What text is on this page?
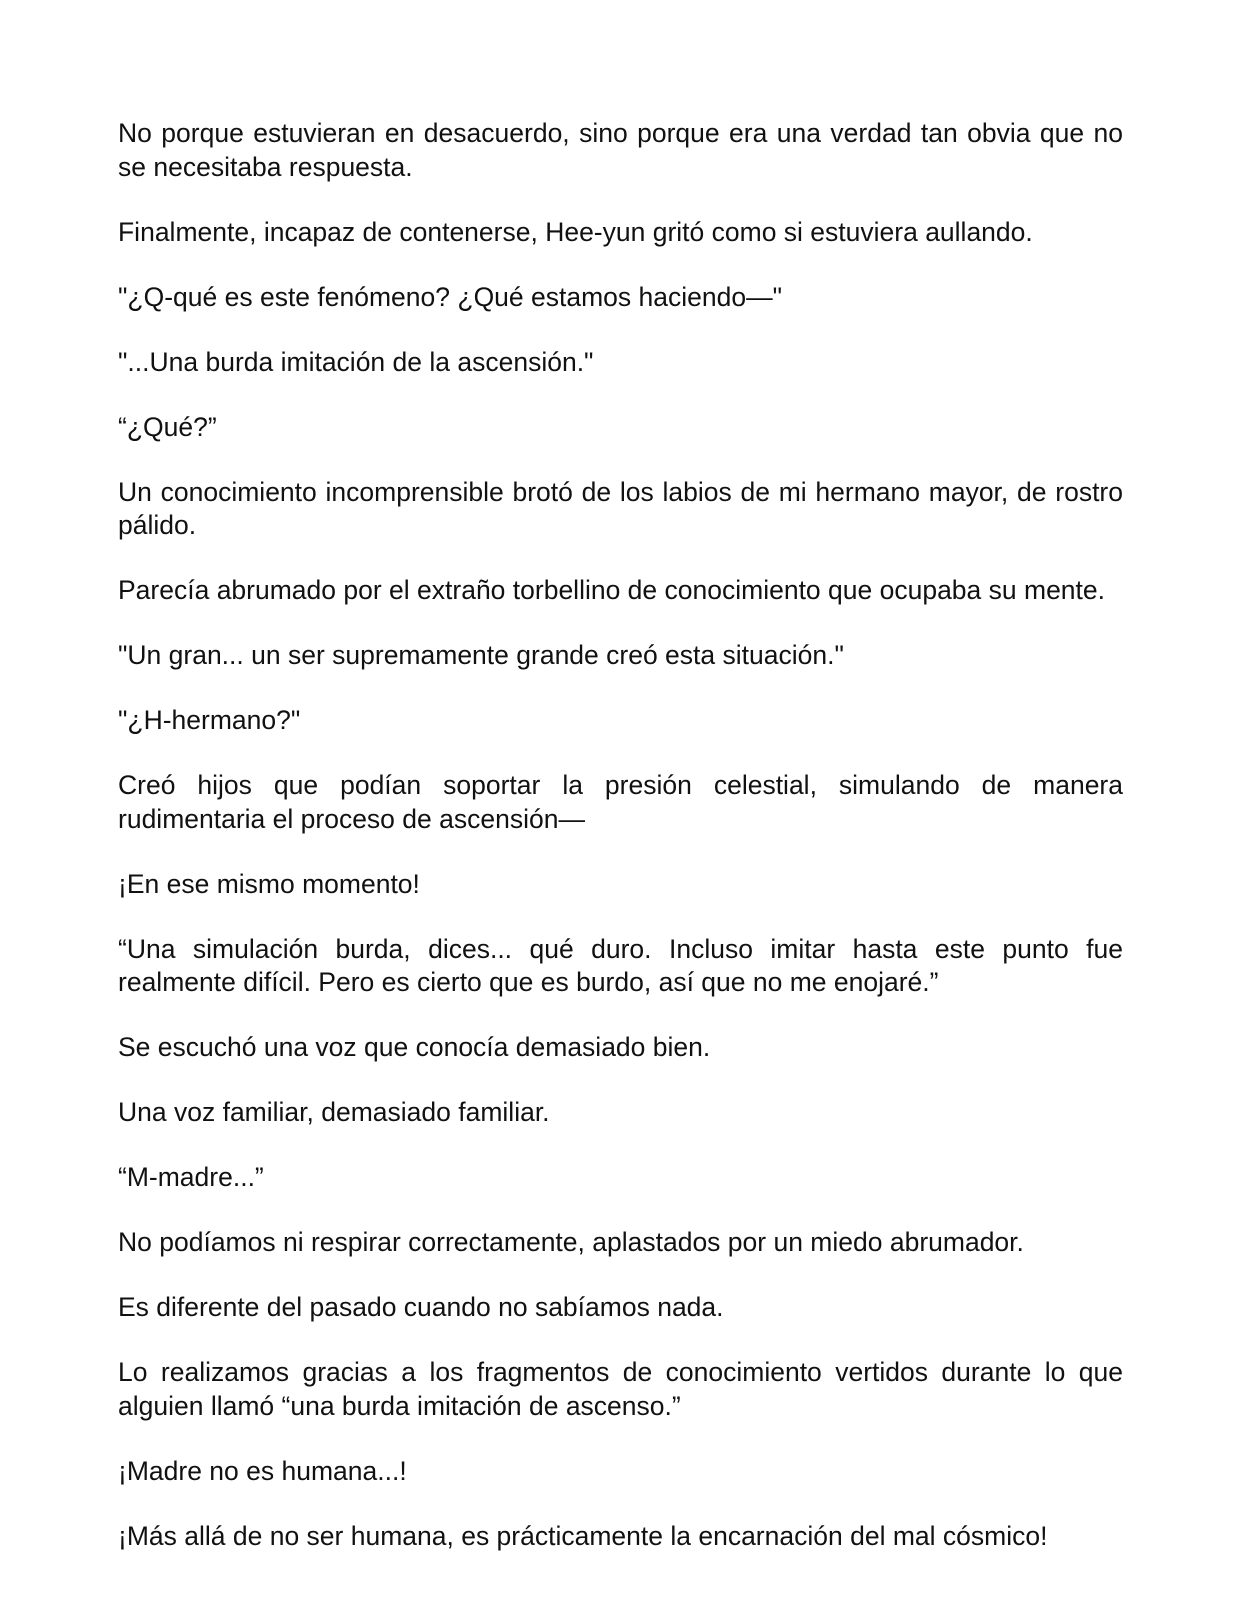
No porque estuvieran en desacuerdo, sino porque era una verdad tan obvia que no se necesitaba respuesta.

Finalmente, incapaz de contenerse, Hee-yun gritó como si estuviera aullando.

"¿Q-qué es este fenómeno? ¿Qué estamos haciendo—"

"...Una burda imitación de la ascensión."

“¿Qué?”

Un conocimiento incomprensible brotó de los labios de mi hermano mayor, de rostro pálido.

Parecía abrumado por el extraño torbellino de conocimiento que ocupaba su mente.

"Un gran... un ser supremamente grande creó esta situación."

"¿H-hermano?"

Creó hijos que podían soportar la presión celestial, simulando de manera rudimentaria el proceso de ascensión—

¡En ese mismo momento!

“Una simulación burda, dices... qué duro. Incluso imitar hasta este punto fue realmente difícil. Pero es cierto que es burdo, así que no me enojaré.”

Se escuchó una voz que conocía demasiado bien.

Una voz familiar, demasiado familiar.

“M-madre...”

No podíamos ni respirar correctamente, aplastados por un miedo abrumador.

Es diferente del pasado cuando no sabíamos nada.

Lo realizamos gracias a los fragmentos de conocimiento vertidos durante lo que alguien llamó “una burda imitación de ascenso.”

¡Madre no es humana...!

¡Más allá de no ser humana, es prácticamente la encarnación del mal cósmico!
